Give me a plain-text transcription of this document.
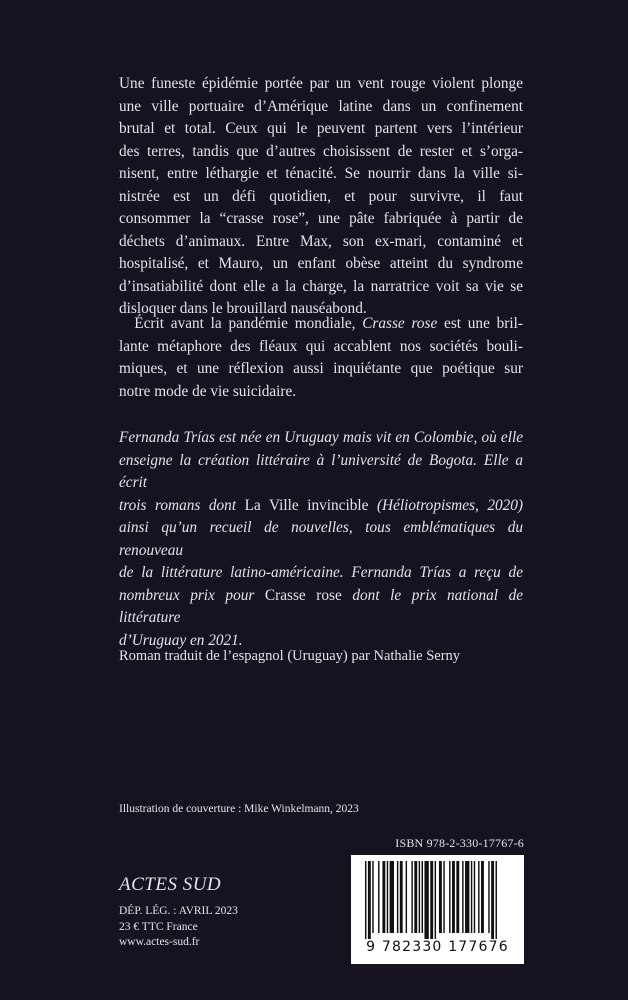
Une funeste épidémie portée par un vent rouge violent plonge
une ville portuaire d’Amérique latine dans un confinement
brutal et total. Ceux qui le peuvent partent vers l’intérieur
des terres, tandis que d’autres choisissent de rester et s’orga-
nisent, entre léthargie et ténacité. Se nourrir dans la ville si-
nistrée est un défi quotidien, et pour survivre, il faut
consommer la “crasse rose”, une pâte fabriquée à partir de
déchets d’animaux. Entre Max, son ex-mari, contaminé et
hospitalisé, et Mauro, un enfant obèse atteint du syndrome
d’insatiabilité dont elle a la charge, la narratrice voit sa vie se
disloquer dans le brouillard nauséabond.

 Écrit avant la pandémie mondiale, Crasse rose est une bril-
lante métaphore des fléaux qui accablent nos sociétés bouli-
miques, et une réflexion aussi inquiétante que poétique sur
notre mode de vie suicidaire.

Fernanda Trías est née en Uruguay mais vit en Colombie, où elle
enseigne la création littéraire à l’université de Bogota. Elle a écrit
trois romans dont La Ville invincible (Héliotropismes, 2020)
ainsi qu’un recueil de nouvelles, tous emblématiques du renouveau
de la littérature latino-américaine. Fernanda Trías a reçu de
nombreux prix pour Crasse rose dont le prix national de littérature
d’Uruguay en 2021.

Roman traduit de l’espagnol (Uruguay) par Nathalie Serny
Illustration de couverture : Mike Winkelmann, 2023
ISBN 978-2-330-17767-6
9 782330 177676
ACTES SUD
DÉP. LÉG. : AVRIL 2023
23 € TTC France
www.actes-sud.fr
